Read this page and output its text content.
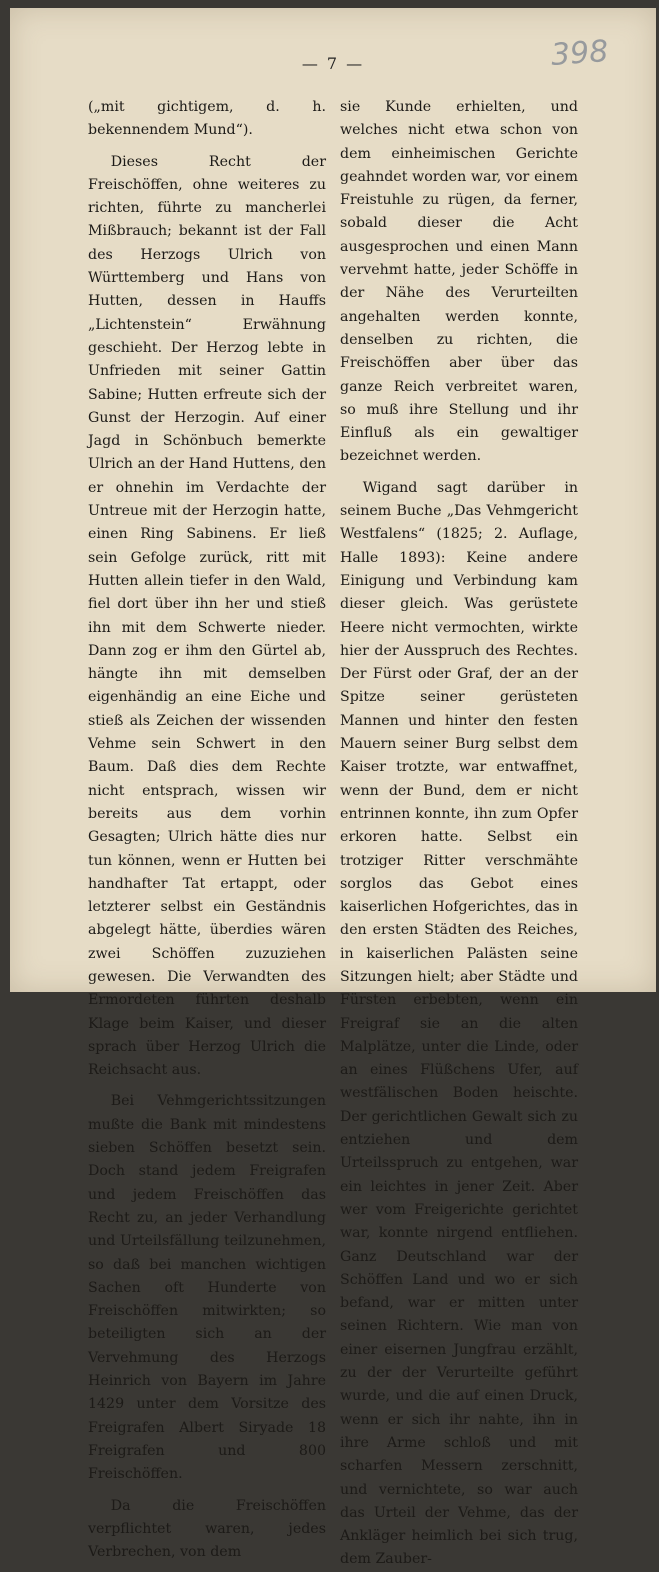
— 7 —	398

(„mit gichtigem, d. h. bekennendem Mund“).

Dieses Recht der Freischöffen, ohne weiteres zu richten, führte zu mancherlei Mißbrauch; bekannt ist der Fall des Herzogs Ulrich von Württemberg und Hans von Hutten, dessen in Hauffs „Lichtenstein“ Erwähnung geschieht. Der Herzog lebte in Unfrieden mit seiner Gattin Sabine; Hutten erfreute sich der Gunst der Herzogin. Auf einer Jagd in Schönbuch bemerkte Ulrich an der Hand Huttens, den er ohnehin im Verdachte der Untreue mit der Herzogin hatte, einen Ring Sabinens. Er ließ sein Gefolge zurück, ritt mit Hutten allein tiefer in den Wald, fiel dort über ihn her und stieß ihn mit dem Schwerte nieder. Dann zog er ihm den Gürtel ab, hängte ihn mit demselben eigenhändig an eine Eiche und stieß als Zeichen der wissenden Vehme sein Schwert in den Baum. Daß dies dem Rechte nicht entsprach, wissen wir bereits aus dem vorhin Gesagten; Ulrich hätte dies nur tun können, wenn er Hutten bei handhafter Tat ertappt, oder letzterer selbst ein Geständnis abgelegt hätte, überdies wären zwei Schöffen zuzuziehen gewesen. Die Verwandten des Ermordeten führten deshalb Klage beim Kaiser, und dieser sprach über Herzog Ulrich die Reichsacht aus.

Bei Vehmgerichtssitzungen mußte die Bank mit mindestens sieben Schöffen besetzt sein. Doch stand jedem Freigrafen und jedem Freischöffen das Recht zu, an jeder Verhandlung und Urteilsfällung teilzunehmen, so daß bei manchen wichtigen Sachen oft Hunderte von Freischöffen mitwirkten; so beteiligten sich an der Vervehmung des Herzogs Heinrich von Bayern im Jahre 1429 unter dem Vorsitze des Freigrafen Albert Siryade 18 Freigrafen und 800 Freischöffen.

Da die Freischöffen verpflichtet waren, jedes Verbrechen, von dem

sie Kunde erhielten, und welches nicht etwa schon von dem einheimischen Gerichte geahndet worden war, vor einem Freistuhle zu rügen, da ferner, sobald dieser die Acht ausgesprochen und einen Mann vervehmt hatte, jeder Schöffe in der Nähe des Verurteilten angehalten werden konnte, denselben zu richten, die Freischöffen aber über das ganze Reich verbreitet waren, so muß ihre Stellung und ihr Einfluß als ein gewaltiger bezeichnet werden.

Wigand sagt darüber in seinem Buche „Das Vehmgericht Westfalens“ (1825; 2. Auflage, Halle 1893): Keine andere Einigung und Verbindung kam dieser gleich. Was gerüstete Heere nicht vermochten, wirkte hier der Ausspruch des Rechtes. Der Fürst oder Graf, der an der Spitze seiner gerüsteten Mannen und hinter den festen Mauern seiner Burg selbst dem Kaiser trotzte, war entwaffnet, wenn der Bund, dem er nicht entrinnen konnte, ihn zum Opfer erkoren hatte. Selbst ein trotziger Ritter verschmähte sorglos das Gebot eines kaiserlichen Hofgerichtes, das in den ersten Städten des Reiches, in kaiserlichen Palästen seine Sitzungen hielt; aber Städte und Fürsten erbebten, wenn ein Freigraf sie an die alten Malplätze, unter die Linde, oder an eines Flüßchens Ufer, auf westfälischen Boden heischte. Der gerichtlichen Gewalt sich zu entziehen und dem Urteilsspruch zu entgehen, war ein leichtes in jener Zeit. Aber wer vom Freigerichte gerichtet war, konnte nirgend entfliehen. Ganz Deutschland war der Schöffen Land und wo er sich befand, war er mitten unter seinen Richtern. Wie man von einer eisernen Jungfrau erzählt, zu der der Verurteilte geführt wurde, und die auf einen Druck, wenn er sich ihr nahte, ihn in ihre Arme schloß und mit scharfen Messern zerschnitt, und vernichtete, so war auch das Urteil der Vehme, das der Ankläger heimlich bei sich trug, dem Zauber-
